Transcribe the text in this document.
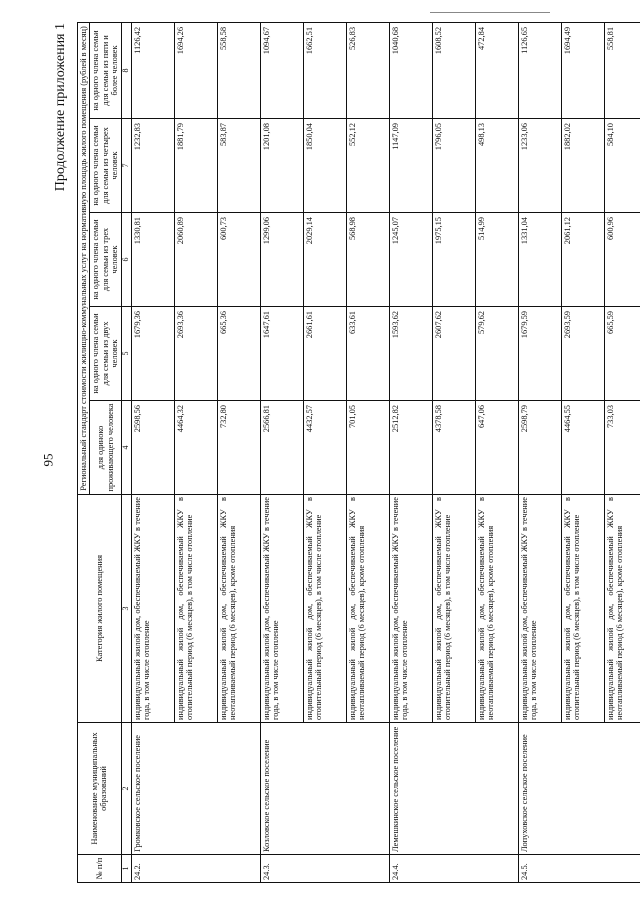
95
Продолжение приложения 1
№ п/п	Наименование муниципальных образований	Категория жилого помещения	Региональный стандарт стоимости жилищно-коммунальных услуг на нормативную площадь жилого помещения (рублей в месяц)				
			для одиноко проживающего человека	на одного члена семьи для семьи из двух человек	на одного члена семьи для семьи из трех человек	на одного члена семьи для семьи из четырех человек	на одного члена семьи для семьи из пяти и более человек
1	2	3	4	5	6	7	8
24.2.	Громковское сельское поселение	индивидуальный жилой дом, обеспечиваемый ЖКУ в течение года, в том числе отопление	2598,56	1679,36	1330,81	1232,83	1126,42
		индивидуальный жилой дом, обеспечиваемый ЖКУ в отопительный период (6 месяцев), в том числе отопление	4464,32	2693,36	2060,89	1881,79	1694,26
		индивидуальный жилой дом, обеспечиваемый ЖКУ в неотапливаемый период (6 месяцев), кроме отопления	732,80	665,36	600,73	583,87	558,58
24.3.	Козловское сельское поселение	индивидуальный жилой дом, обеспечиваемый ЖКУ в течение года, в том числе отопление	2566,81	1647,61	1299,06	1201,08	1094,67
		индивидуальный жилой дом, обеспечиваемый ЖКУ в отопительный период (6 месяцев), в том числе отопление	4432,57	2661,61	2029,14	1850,04	1662,51
		индивидуальный жилой дом, обеспечиваемый ЖКУ в неотапливаемый период (6 месяцев), кроме отопления	701,05	633,61	568,98	552,12	526,83
24.4.	Лемешкинское сельское поселение	индивидуальный жилой дом, обеспечиваемый ЖКУ в течение года, в том числе отопление	2512,82	1593,62	1245,07	1147,09	1040,68
		индивидуальный жилой дом, обеспечиваемый ЖКУ в отопительный период (6 месяцев), в том числе отопление	4378,58	2607,62	1975,15	1796,05	1608,52
		индивидуальный жилой дом, обеспечиваемый ЖКУ в неотапливаемый период (6 месяцев), кроме отопления	647,06	579,62	514,99	498,13	472,84
24.5.	Лопуховское сельское поселение	индивидуальный жилой дом, обеспечиваемый ЖКУ в течение года, в том числе отопление	2598,79	1679,59	1331,04	1233,06	1126,65
		индивидуальный жилой дом, обеспечиваемый ЖКУ в отопительный период (6 месяцев), в том числе отопление	4464,55	2693,59	2061,12	1882,02	1694,49
		индивидуальный жилой дом, обеспечиваемый ЖКУ в неотапливаемый период (6 месяцев), кроме отопления	733,03	665,59	600,96	584,10	558,81
